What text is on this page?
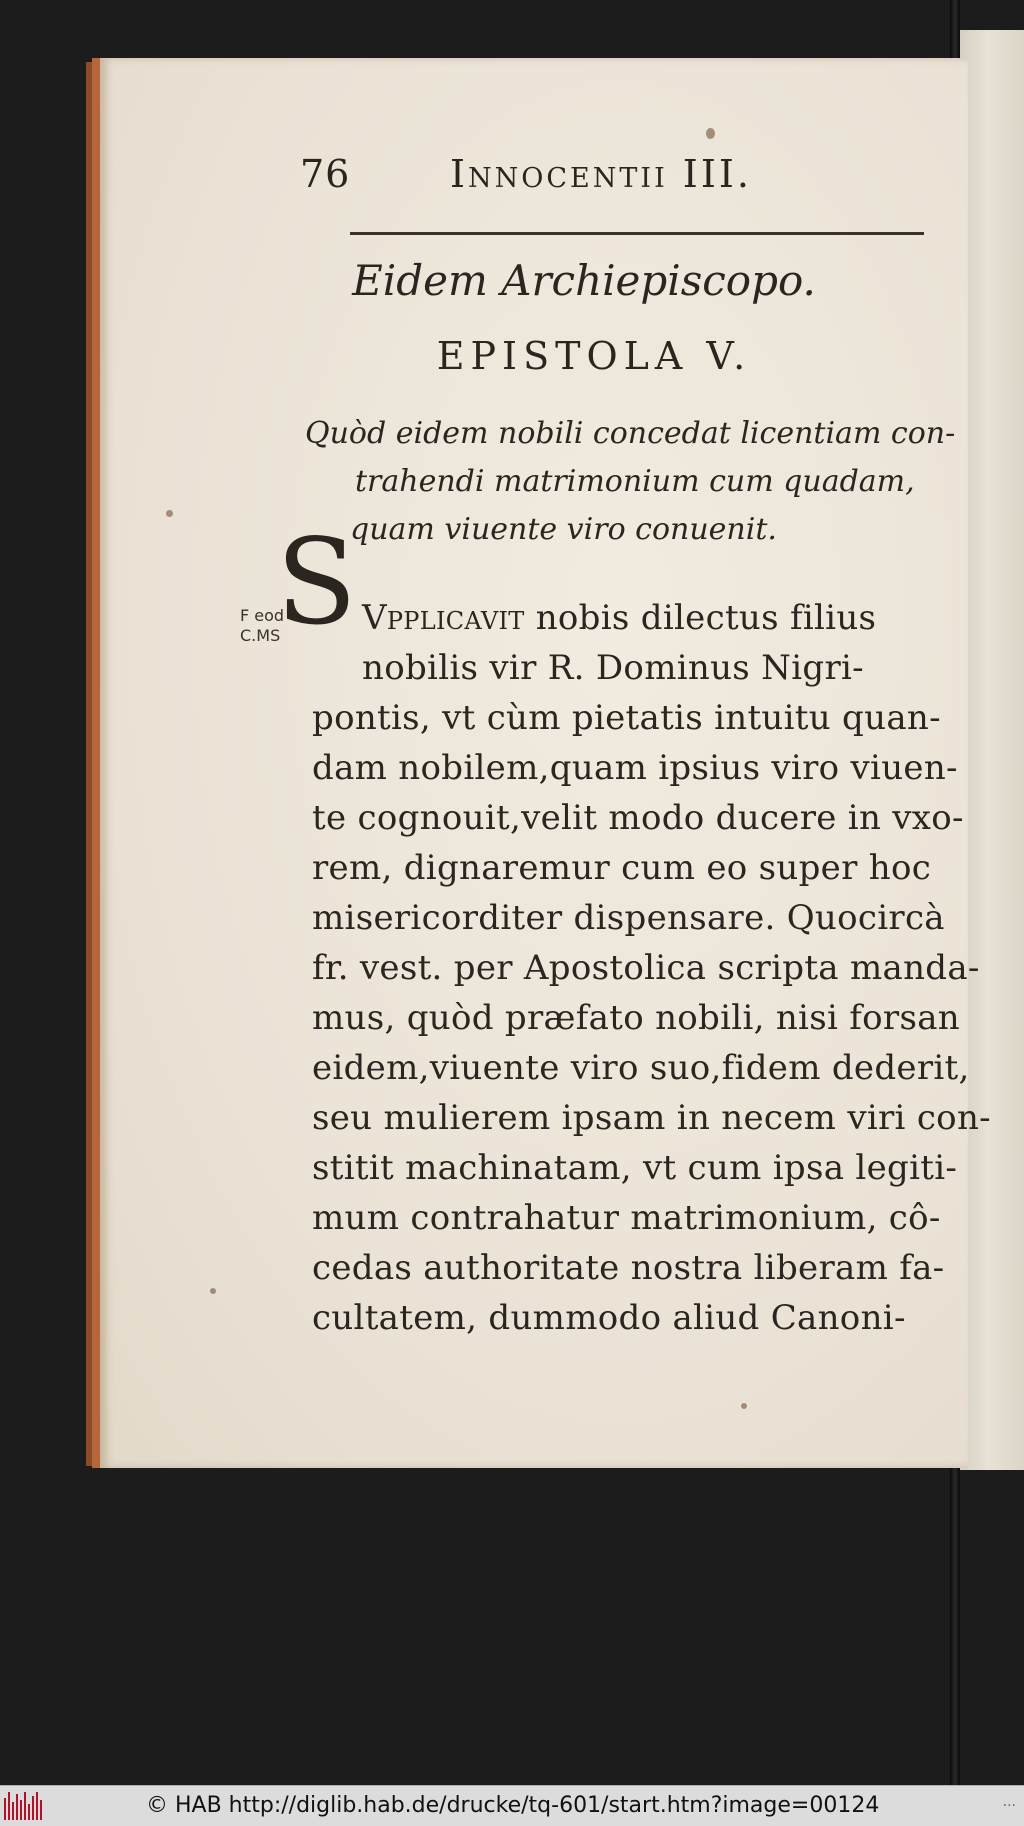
76	Innocentii III.
Eidem Archiepiscopo.
EPISTOLA V.
Quòd eidem nobili concedat licentiam con-
trahendi matrimonium cum quadam,
quam viuente viro conuenit.
F eod
C.MS
S Vpplicavit nobis dilectus filius
nobilis vir R. Dominus Nigri-
pontis, vt cùm pietatis intuitu quan-
dam nobilem,quam ipsius viro viuen-
te cognouit,velit modo ducere in vxo-
rem, dignaremur cum eo super hoc
misericorditer dispensare. Quocircà
fr. vest. per Apostolica scripta manda-
mus, quòd præfato nobili, nisi forsan
eidem,viuente viro suo,fidem dederit,
seu mulierem ipsam in necem viri con-
stitit machinatam, vt cum ipsa legiti-
mum contrahatur matrimonium, cô-
cedas authoritate nostra liberam fa-
cultatem, dummodo aliud Canoni-
© HAB http://diglib.hab.de/drucke/tq-601/start.htm?image=00124	...
